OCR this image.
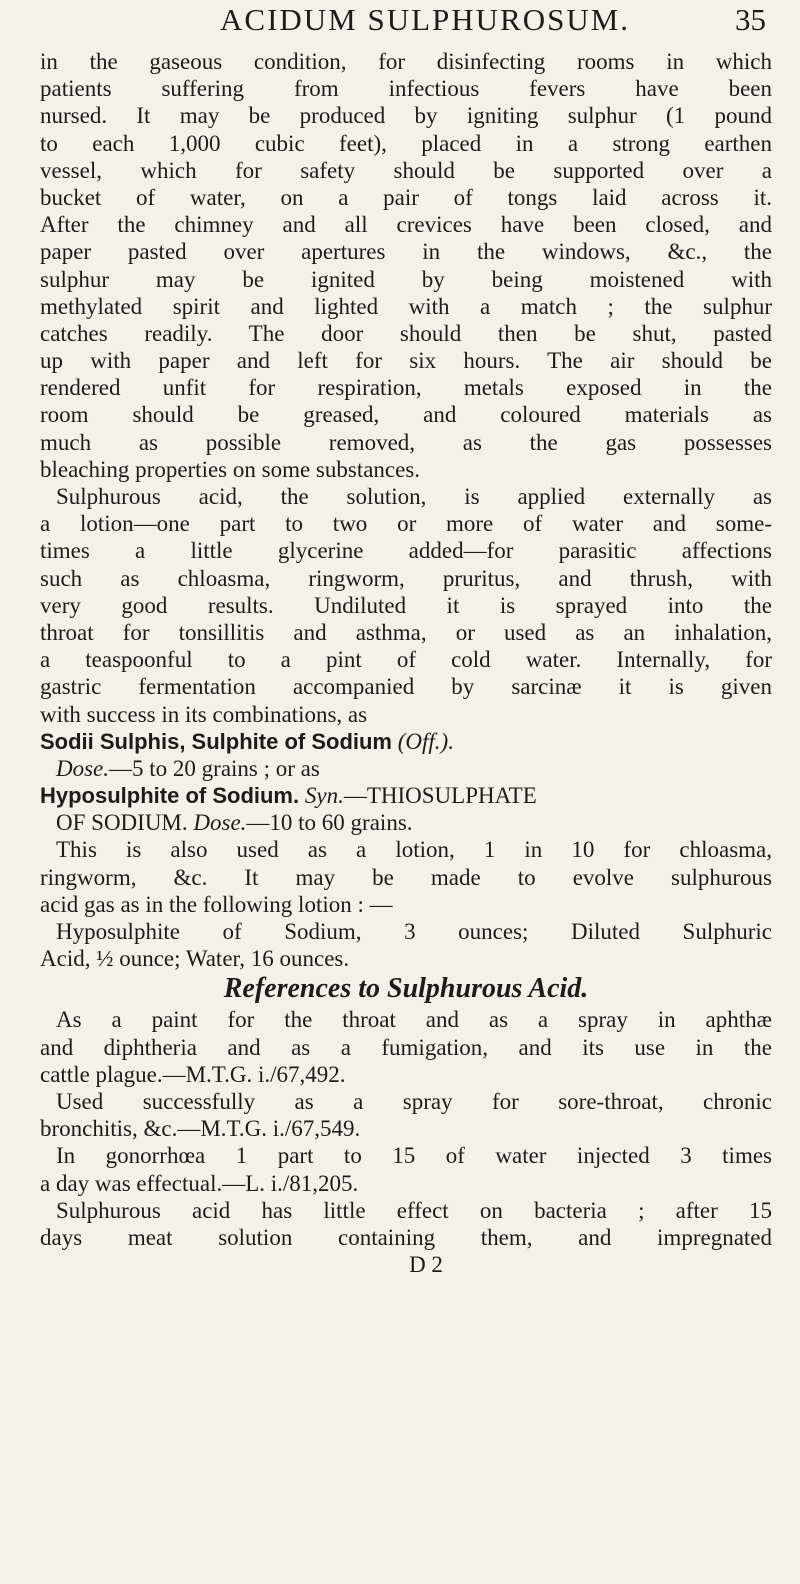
ACIDUM SULPHUROSUM.	35
in the gaseous condition, for disinfecting rooms in which
patients suffering from infectious fevers have been
nursed. It may be produced by igniting sulphur (1 pound
to each 1,000 cubic feet), placed in a strong earthen
vessel, which for safety should be supported over a
bucket of water, on a pair of tongs laid across it.
After the chimney and all crevices have been closed, and
paper pasted over apertures in the windows, &c., the
sulphur may be ignited by being moistened with
methylated spirit and lighted with a match ; the sulphur
catches readily. The door should then be shut, pasted
up with paper and left for six hours. The air should be
rendered unfit for respiration, metals exposed in the
room should be greased, and coloured materials as
much as possible removed, as the gas possesses
bleaching properties on some substances.
Sulphurous acid, the solution, is applied externally as
a lotion—one part to two or more of water and some-
times a little glycerine added—for parasitic affections
such as chloasma, ringworm, pruritus, and thrush, with
very good results. Undiluted it is sprayed into the
throat for tonsillitis and asthma, or used as an inhalation,
a teaspoonful to a pint of cold water. Internally, for
gastric fermentation accompanied by sarcinæ it is given
with success in its combinations, as
Sodii Sulphis, Sulphite of Sodium (Off.).
Dose.—5 to 20 grains ; or as
Hyposulphite of Sodium. Syn.—THIOSULPHATE
OF SODIUM. Dose.—10 to 60 grains.
This is also used as a lotion, 1 in 10 for chloasma,
ringworm, &c. It may be made to evolve sulphurous
acid gas as in the following lotion : —
Hyposulphite of Sodium, 3 ounces; Diluted Sulphuric
Acid, ½ ounce; Water, 16 ounces.
References to Sulphurous Acid.
As a paint for the throat and as a spray in aphthæ
and diphtheria and as a fumigation, and its use in the
cattle plague.—M.T.G. i./67,492.
Used successfully as a spray for sore-throat, chronic
bronchitis, &c.—M.T.G. i./67,549.
In gonorrhœa 1 part to 15 of water injected 3 times
a day was effectual.—L. i./81,205.
Sulphurous acid has little effect on bacteria ; after 15
days meat solution containing them, and impregnated
D 2
